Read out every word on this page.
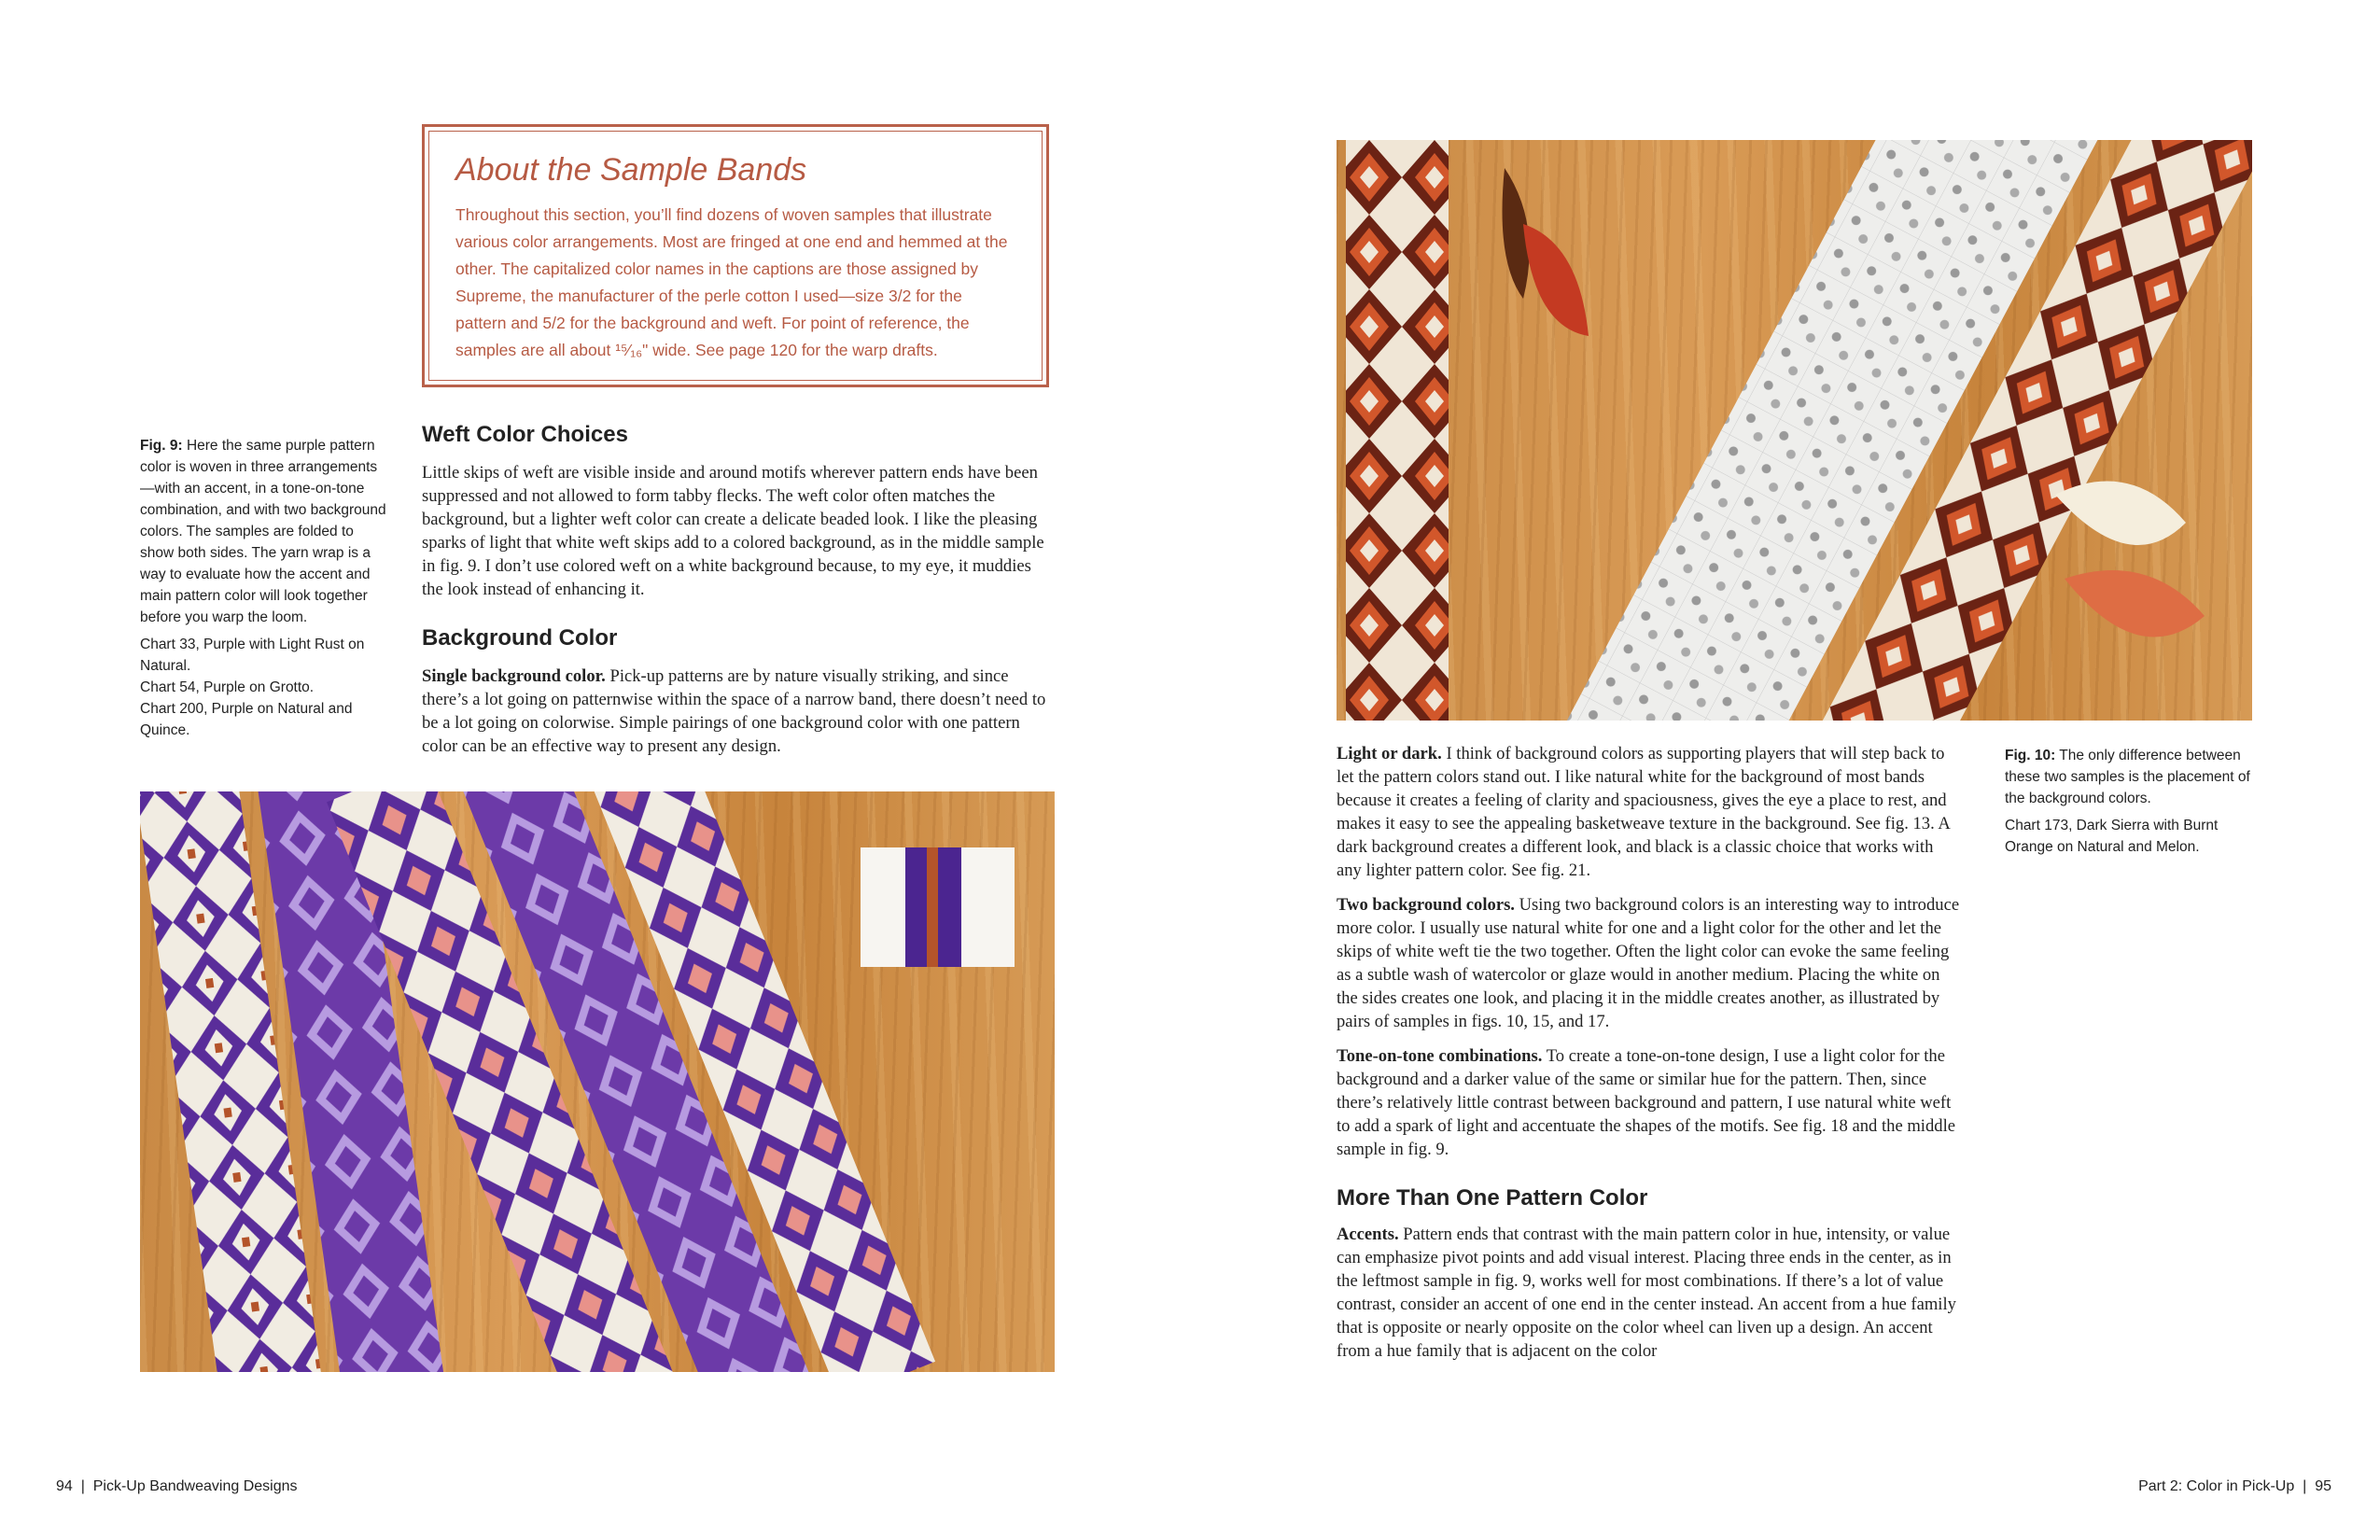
About the Sample Bands

Throughout this section, you’ll find dozens of woven samples that illustrate various color arrangements. Most are fringed at one end and hemmed at the other. The capitalized color names in the captions are those assigned by Supreme, the manufacturer of the perle cotton I used—size 3/2 for the pattern and 5/2 for the background and weft. For point of reference, the samples are all about ¹⁵⁄₁₆" wide. See page 120 for the warp drafts.

Fig. 9: Here the same purple pattern color is woven in three arrangements—with an accent, in a tone-on-tone combination, and with two background colors. The samples are folded to show both sides. The yarn wrap is a way to evaluate how the accent and main pattern color will look together before you warp the loom.

Chart 33, Purple with Light Rust on Natural.

Chart 54, Purple on Grotto.

Chart 200, Purple on Natural and Quince.

Weft Color Choices

Little skips of weft are visible inside and around motifs wherever pattern ends have been suppressed and not allowed to form tabby flecks. The weft color often matches the background, but a lighter weft color can create a delicate beaded look. I like the pleasing sparks of light that white weft skips add to a colored background, as in the middle sample in fig. 9. I don’t use colored weft on a white background because, to my eye, it muddies the look instead of enhancing it.

Background Color

Single background color. Pick-up patterns are by nature visually striking, and since there’s a lot going on patternwise within the space of a narrow band, there doesn’t need to be a lot going on colorwise. Simple pairings of one background color with one pattern color can be an effective way to present any design.	Light or dark. I think of background colors as supporting players that will step back to let the pattern colors stand out. I like natural white for the background of most bands because it creates a feeling of clarity and spaciousness, gives the eye a place to rest, and makes it easy to see the appealing basketweave texture in the background. See fig. 13. A dark background creates a different look, and black is a classic choice that works with any lighter pattern color. See fig. 21.

Two background colors. Using two background colors is an interesting way to introduce more color. I usually use natural white for one and a light color for the other and let the skips of white weft tie the two together. Often the light color can evoke the same feeling as a subtle wash of watercolor or glaze would in another medium. Placing the white on the sides creates one look, and placing it in the middle creates another, as illustrated by pairs of samples in figs. 10, 15, and 17.

Tone-on-tone combinations. To create a tone-on-tone design, I use a light color for the background and a darker value of the same or similar hue for the pattern. Then, since there’s relatively little contrast between background and pattern, I use natural white weft to add a spark of light and accentuate the shapes of the motifs. See fig. 18 and the middle sample in fig. 9.

More Than One Pattern Color

Accents. Pattern ends that contrast with the main pattern color in hue, intensity, or value can emphasize pivot points and add visual interest. Placing three ends in the center, as in the leftmost sample in fig. 9, works well for most combinations. If there’s a lot of value contrast, consider an accent of one end in the center instead. An accent from a hue family that is opposite or nearly opposite on the color wheel can liven up a design. An accent from a hue family that is adjacent on the color

Fig. 10: The only difference between these two samples is the placement of the background colors.

Chart 173, Dark Sierra with Burnt Orange on Natural and Melon.

94  |  Pick-Up Bandweaving Designs	Part 2: Color in Pick-Up  |  95
